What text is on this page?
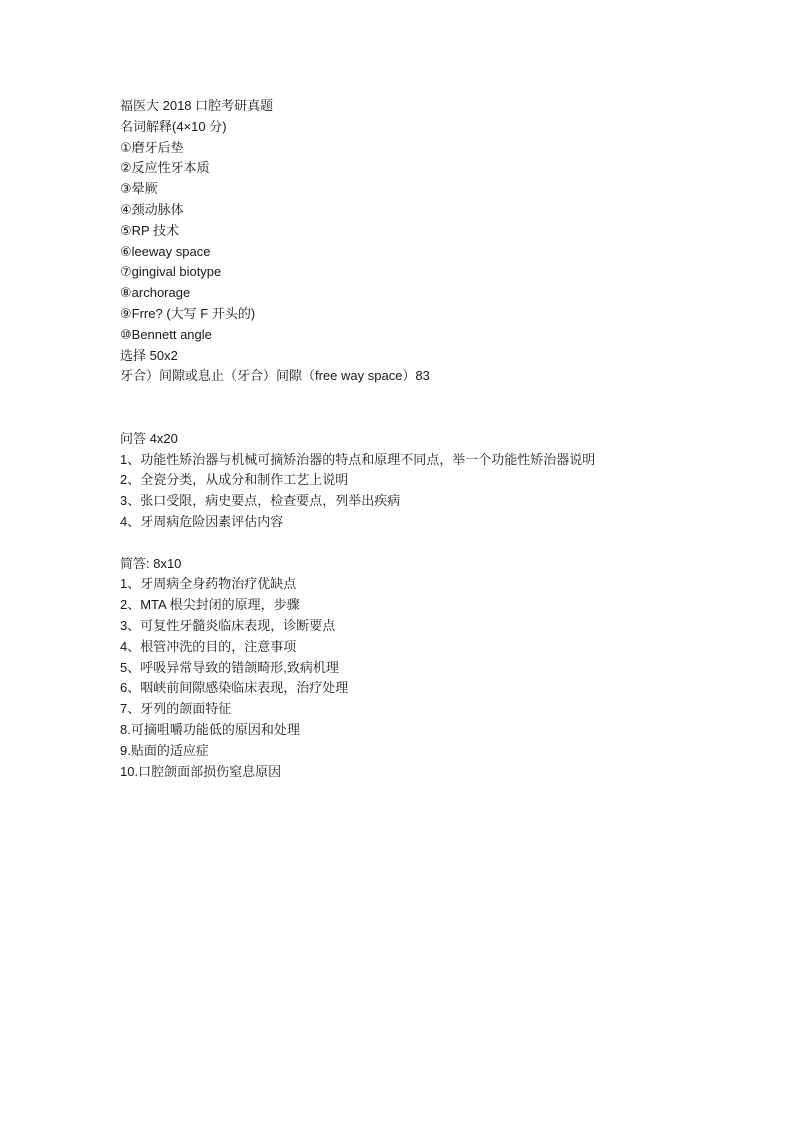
福医大 2018 口腔考研真题
名词解释(4×10 分)
①磨牙后垫
②反应性牙本质
③晕厥
④颈动脉体
⑤RP 技术
⑥leeway space
⑦gingival biotype
⑧archorage
⑨Frre? (大写 F 开头的)
⑩Bennett angle
选择 50x2
牙合）间隙或息止（牙合）间隙（free way space）83
问答 4x20
1、功能性矫治器与机械可摘矫治器的特点和原理不同点，举一个功能性矫治器说明
2、全瓷分类，从成分和制作工艺上说明
3、张口受限，病史要点，检查要点，列举出疾病
4、牙周病危险因素评估内容
简答: 8x10
1、牙周病全身药物治疗优缺点
2、MTA 根尖封闭的原理，步骤
3、可复性牙髓炎临床表现，诊断要点
4、根管冲洗的目的，注意事项
5、呼吸异常导致的错颌畸形,致病机理
6、咽峡前间隙感染临床表现，治疗处理
7、牙列的颌面特征
8.可摘咀嚼功能低的原因和处理
9.贴面的适应症
10.口腔颌面部损伤窒息原因
